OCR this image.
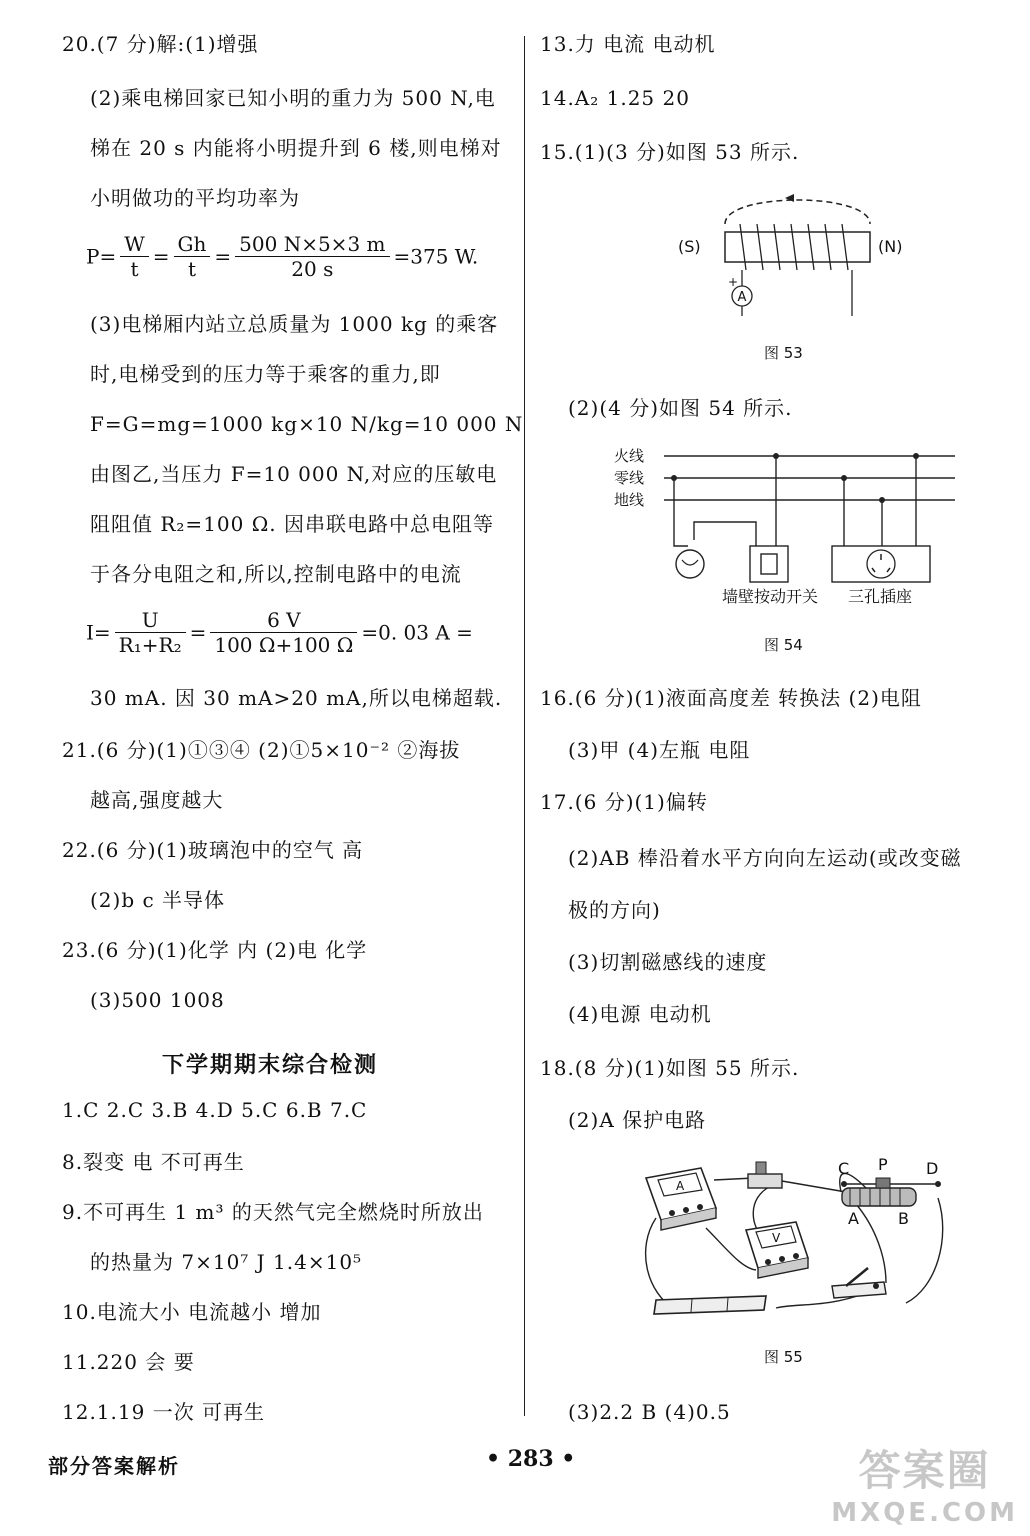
20.(7 分)解:(1)增强
(2)乘电梯回家已知小明的重力为 500 N,电
梯在 20 s 内能将小明提升到 6 楼,则电梯对
小明做功的平均功率为
$P= \frac{W}{t} = \frac{Gh}{t} = \frac{500 N\times 5\times 3 m}{20 s} =375$ W.
(3)电梯厢内站立总质量为 1000 kg 的乘客
时,电梯受到的压力等于乘客的重力,即
F=G=mg=1000 kg×10 N/kg=10 000 N
由图乙,当压力 F=10 000 N,对应的压敏电
阻阻值 R₂=100 Ω. 因串联电路中总电阻等
于各分电阻之和,所以,控制电路中的电流
$I= \frac{U}{\text{R₁+R₂}} = \frac{6 V}{100 \Omega+100 \Omega} =0$. 03 A =
30 mA. 因 30 mA>20 mA,所以电梯超载.
21.(6 分)(1)①③④ (2)①5×10⁻² ②海拔
越高,强度越大
22.(6 分)(1)玻璃泡中的空气 高
(2)b c 半导体
23.(6 分)(1)化学 内 (2)电 化学
(3)500 1008
下学期期末综合检测
1.C 2.C 3.B 4.D 5.C 6.B 7.C
8.裂变 电 不可再生
9.不可再生 1 m³ 的天然气完全燃烧时所放出
的热量为 7×10⁷ J 1.4×10⁵
10.电流大小 电流越小 增加
11.220 会 要
12.1.19 一次 可再生
13.力 电流 电动机
14.A₂ 1.25 20
15.(1)(3 分)如图 53 所示.
A
+
(S)	(N)
图 53
(2)(4 分)如图 54 所示.
火线
零线
地线
墙壁按动开关 三孔插座
图 54
16.(6 分)(1)液面高度差 转换法 (2)电阻
(3)甲 (4)左瓶 电阻
17.(6 分)(1)偏转
(2)AB 棒沿着水平方向向左运动(或改变磁
极的方向)
(3)切割磁感线的速度
(4)电源 电动机
18.(8 分)(1)如图 55 所示.
(2)A 保护电路
A
V
C P D
A B
图 55
(3)2.2 B (4)0.5
部分答案解析	• 283 •	答案圈
MXQE.COM
